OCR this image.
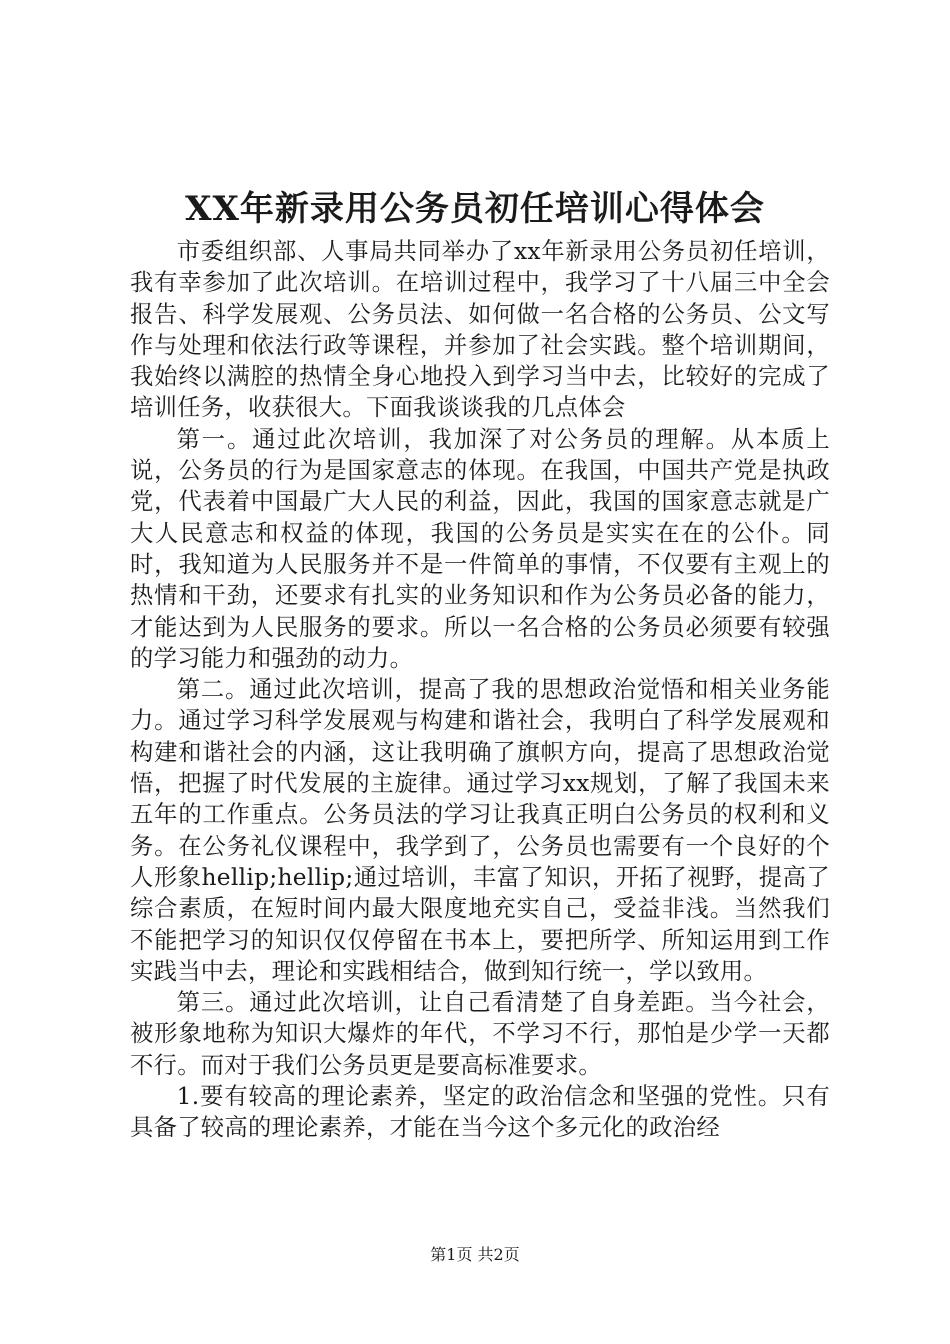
XX年新录用公务员初任培训心得体会

市委组织部、人事局共同举办了xx年新录用公务员初任培训，我有幸参加了此次培训。在培训过程中，我学习了十八届三中全会报告、科学发展观、公务员法、如何做一名合格的公务员、公文写作与处理和依法行政等课程，并参加了社会实践。整个培训期间，我始终以满腔的热情全身心地投入到学习当中去，比较好的完成了培训任务，收获很大。下面我谈谈我的几点体会

第一。通过此次培训，我加深了对公务员的理解。从本质上说，公务员的行为是国家意志的体现。在我国，中国共产党是执政党，代表着中国最广大人民的利益，因此，我国的国家意志就是广大人民意志和权益的体现，我国的公务员是实实在在的公仆。同时，我知道为人民服务并不是一件简单的事情，不仅要有主观上的热情和干劲，还要求有扎实的业务知识和作为公务员必备的能力，才能达到为人民服务的要求。所以一名合格的公务员必须要有较强的学习能力和强劲的动力。

第二。通过此次培训，提高了我的思想政治觉悟和相关业务能力。通过学习科学发展观与构建和谐社会，我明白了科学发展观和构建和谐社会的内涵，这让我明确了旗帜方向，提高了思想政治觉悟，把握了时代发展的主旋律。通过学习xx规划，了解了我国未来五年的工作重点。公务员法的学习让我真正明白公务员的权利和义务。在公务礼仪课程中，我学到了，公务员也需要有一个良好的个人形象hellip;hellip;通过培训，丰富了知识，开拓了视野，提高了综合素质，在短时间内最大限度地充实自己，受益非浅。当然我们不能把学习的知识仅仅停留在书本上，要把所学、所知运用到工作实践当中去，理论和实践相结合，做到知行统一，学以致用。

第三。通过此次培训，让自己看清楚了自身差距。当今社会，被形象地称为知识大爆炸的年代，不学习不行，那怕是少学一天都不行。而对于我们公务员更是要高标准要求。

1.要有较高的理论素养，坚定的政治信念和坚强的党性。只有具备了较高的理论素养，才能在当今这个多元化的政治经

第1页 共2页
